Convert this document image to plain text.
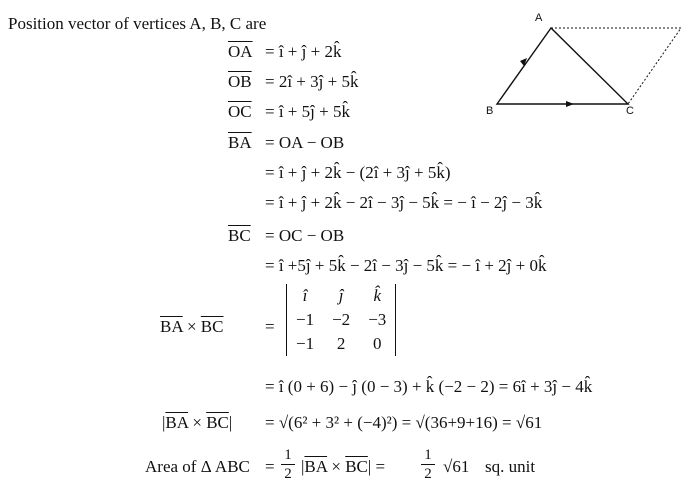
Position vector of vertices A, B, C are	A
B	C
$\overline{OA}$ = î + ĵ + 2k̂
$\overline{OB}$ = 2î + 3ĵ + 5k̂
$\overline{OC}$ = î + 5ĵ + 5k̂
$\overline{BA}$ = OA − OB
= î + ĵ + 2k̂ − (2î + 3ĵ + 5k̂)
= î + ĵ + 2k̂ − 2î − 3ĵ − 5k̂ = − î − 2ĵ − 3k̂
$\overline{BC}$ = OC − OB
= î +5ĵ + 5k̂ − 2î − 3ĵ − 5k̂ = − î + 2ĵ + 0k̂
$\overline{BA} \times \overline{BC}$ =
î	ĵ	k̂
−1	−2	−3
−1	2	0
= î (0 + 6) − ĵ (0 − 3) + k̂ (−2 − 2) = 6î + 3ĵ − 4k̂
$|\overline{BA} \times \overline{BC}| = √(6^2 + 3^2 + (-4)^2) = √(36+9+16) = √61$
Area of Δ ABC =
1
2 $|\overline{BA} \times \overline{BC}|$ =
1
2 √61 sq. unit
